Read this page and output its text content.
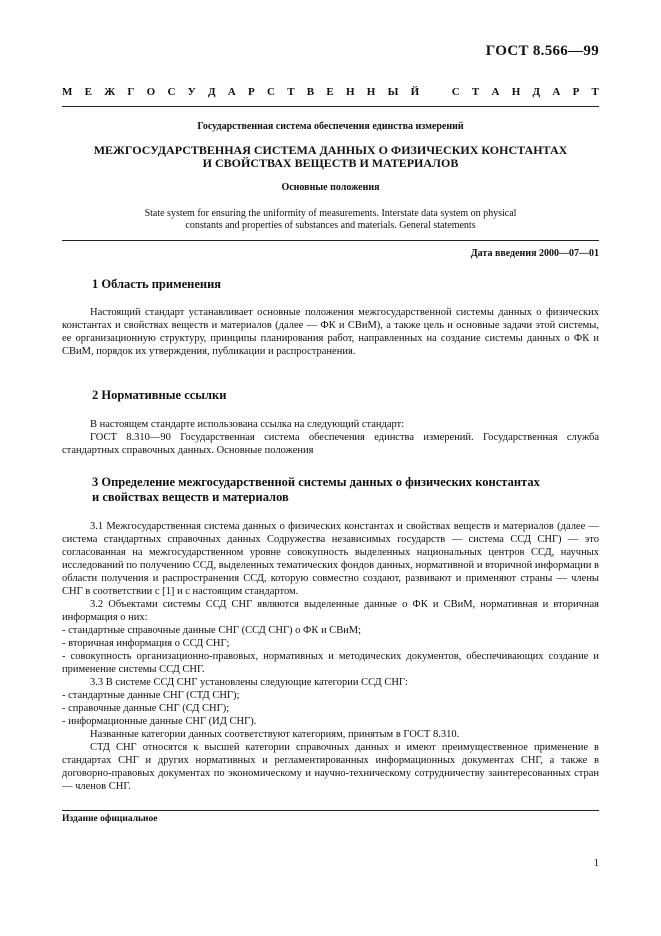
ГОСТ 8.566—99
М Е Ж Г О С У Д А Р С Т В Е Н Н Ы Й	С Т А Н Д А Р Т
Государственная система обеспечения единства измерений
МЕЖГОСУДАРСТВЕННАЯ СИСТЕМА ДАННЫХ О ФИЗИЧЕСКИХ КОНСТАНТАХ
И СВОЙСТВАХ ВЕЩЕСТВ И МАТЕРИАЛОВ
Основные положения
State system for ensuring the uniformity of measurements. Interstate data system on physical
constants and properties of substances and materials. General statements
Дата введения 2000—07—01
1 Область применения

Настоящий стандарт устанавливает основные положения межгосударственной системы данных о физических константах и свойствах веществ и материалов (далее — ФК и СВиМ), а также цель и основные задачи этой системы, ее организационную структуру, принципы планирования работ, направленных на создание системы данных о ФК и СВиМ, порядок их утверждения, публикации и распространения.

2 Нормативные ссылки

В настоящем стандарте использована ссылка на следующий стандарт:

ГОСТ 8.310—90 Государственная система обеспечения единства измерений. Государственная служба стандартных справочных данных. Основные положения

3 Определение межгосударственной системы данных о физических константах
и свойствах веществ и материалов

3.1 Межгосударственная система данных о физических константах и свойствах веществ и материалов (далее — система стандартных справочных данных Содружества независимых государств — система ССД СНГ) — это согласованная на межгосударственном уровне совокупность выделенных национальных центров ССД, научных исследований по получению ССД, выделенных тематических фондов данных, нормативной и вторичной информации в области получения и распространения ССД, которую совместно создают, развивают и применяют страны — члены СНГ в соответствии с [1] и с настоящим стандартом.

3.2 Объектами системы ССД СНГ являются выделенные данные о ФК и СВиМ, нормативная и вторичная информация о них:

- стандартные справочные данные СНГ (ССД СНГ) о ФК и СВиМ;

- вторичная информация о ССД СНГ;

- совокупность организационно-правовых, нормативных и методических документов, обеспечивающих создание и применение системы ССД СНГ.

3.3 В системе ССД СНГ установлены следующие категории ССД СНГ:

- стандартные данные СНГ (СТД СНГ);

- справочные данные СНГ (СД СНГ);

- информационные данные СНГ (ИД СНГ).

Названные категории данных соответствуют категориям, принятым в ГОСТ 8.310.

СТД СНГ относятся к высшей категории справочных данных и имеют преимущественное применение в стандартах СНГ и других нормативных и регламентированных информационных документах СНГ, а также в договорно-правовых документах по экономическому и научно-техническому сотрудничеству заинтересованных стран — членов СНГ.

Издание официальное
1
